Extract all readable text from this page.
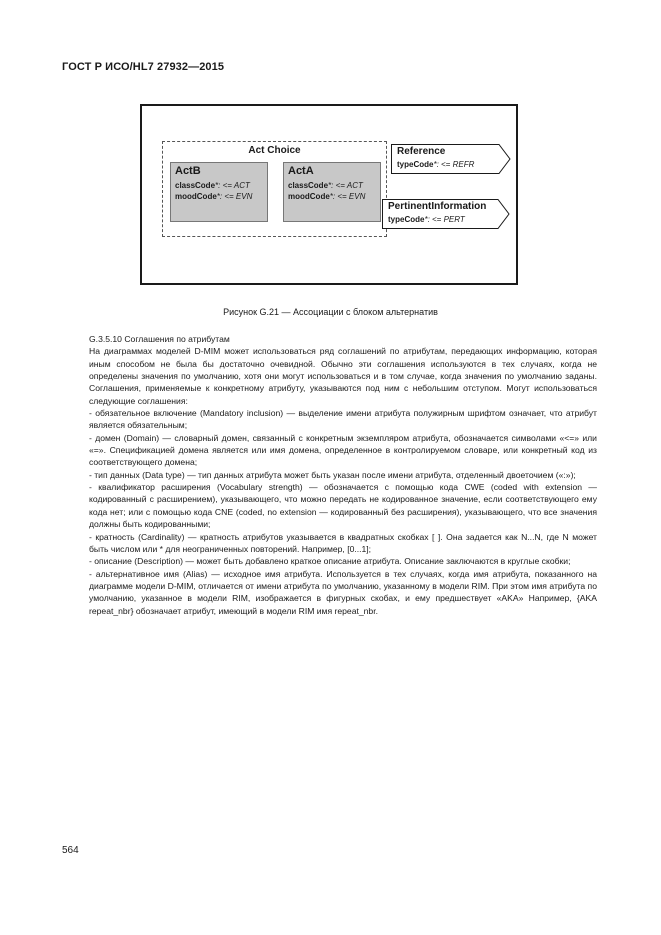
ГОСТ Р ИСО/HL7 27932—2015
Act Choice
ActB
classCode*: <= ACT
moodCode*: <= EVN
ActA
classCode*: <= ACT
moodCode*: <= EVN
Reference
typeCode*: <= REFR
PertinentInformation
typeCode*: <= PERT
Рисунок G.21 — Ассоциации с блоком альтернатив

G.3.5.10 Соглашения по атрибутам

На диаграммах моделей D-MIM может использоваться ряд соглашений по атрибутам, передающих информацию, которая иным способом не была бы достаточно очевидной. Обычно эти соглашения используются в тех случаях, когда не определены значения по умолчанию, хотя они могут использоваться и в том случае, когда значения по умолчанию заданы. Соглашения, применяемые к конкретному атрибуту, указываются под ним с небольшим отступом. Могут использоваться следующие соглашения:

- обязательное включение (Mandatory inclusion) — выделение имени атрибута полужирным шрифтом означает, что атрибут является обязательным;

- домен (Domain) — словарный домен, связанный с конкретным экземпляром атрибута, обозначается символами «<=» или «=». Спецификацией домена является или имя домена, определенное в контролируемом словаре, или конкретный код из соответствующего домена;

- тип данных (Data type) — тип данных атрибута может быть указан после имени атрибута, отделенный двоеточием («:»);

- квалификатор расширения (Vocabulary strength) — обозначается с помощью кода CWE (coded with extension — кодированный с расширением), указывающего, что можно передать не кодированное значение, если соответствующего ему кода нет; или с помощью кода CNE (coded, no extension — кодированный без расширения), указывающего, что все значения должны быть кодированными;

- кратность (Cardinality) — кратность атрибутов указывается в квадратных скобках [ ]. Она задается как N...N, где N может быть числом или * для неограниченных повторений. Например, [0...1];

- описание (Description) — может быть добавлено краткое описание атрибута. Описание заключаются в круглые скобки;

- альтернативное имя (Alias) — исходное имя атрибута. Используется в тех случаях, когда имя атрибута, показанного на диаграмме модели D-MIM, отличается от имени атрибута по умолчанию, указанному в модели RIM. При этом имя атрибута по умолчанию, указанное в модели RIM, изображается в фигурных скобах, и ему предшествует «AKA» Например, {AKA repeat_nbr} обозначает атрибут, имеющий в модели RIM имя repeat_nbr.

564
